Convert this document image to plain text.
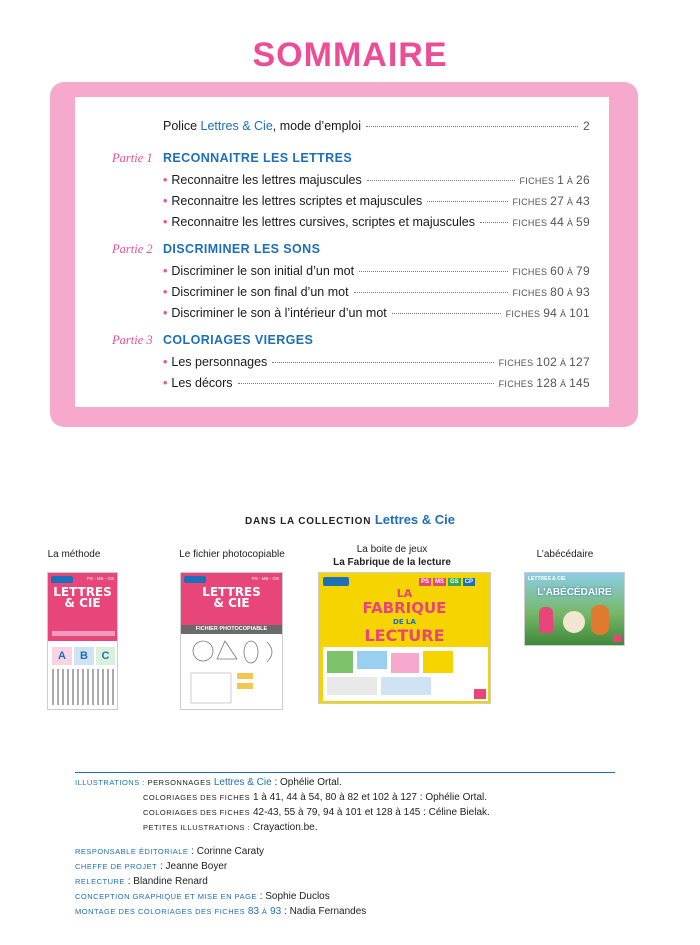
SOMMAIRE
Police Lettres & Cie, mode d’emploi	2
Partie 1 RECONNAITRE LES LETTRES
• Reconnaitre les lettres majuscules	FICHES 1 À 26
• Reconnaitre les lettres scriptes et majuscules	FICHES 27 À 43
• Reconnaitre les lettres cursives, scriptes et majuscules	FICHES 44 À 59
Partie 2 DISCRIMINER LES SONS
• Discriminer le son initial d’un mot	FICHES 60 À 79
• Discriminer le son final d’un mot	FICHES 80 À 93
• Discriminer le son à l’intérieur d’un mot	FICHES 94 À 101
Partie 3 COLORIAGES VIERGES
• Les personnages	FICHES 102 À 127
• Les décors	FICHES 128 À 145
DANS LA COLLECTION Lettres & Cie
La méthode
PS - MS - GS
LETTRES
& CIE
A	B	C
Le fichier photocopiable
PS - MS - GS
LETTRES
& CIE
FICHIER PHOTOCOPIABLE
La boite de jeux
La Fabrique de la lecture
PS	MS	GS	CP
LA
FABRIQUE
DE LA
LECTURE
L’abécédaire
LETTRES & CIE
L’ABÉCÉDAIRE
ILLUSTRATIONS : PERSONNAGES Lettres & Cie : Ophélie Ortal.
COLORIAGES DES FICHES 1 à 41, 44 à 54, 80 à 82 et 102 à 127 : Ophélie Ortal.
COLORIAGES DES FICHES 42-43, 55 à 79, 94 à 101 et 128 à 145 : Céline Bielak.
PETITES ILLUSTRATIONS : Crayaction.be.
RESPONSABLE ÉDITORIALE : Corinne Caraty
CHEFFE DE PROJET : Jeanne Boyer
RELECTURE : Blandine Renard
CONCEPTION GRAPHIQUE ET MISE EN PAGE : Sophie Duclos
MONTAGE DES COLORIAGES DES FICHES 83 À 93 : Nadia Fernandes
